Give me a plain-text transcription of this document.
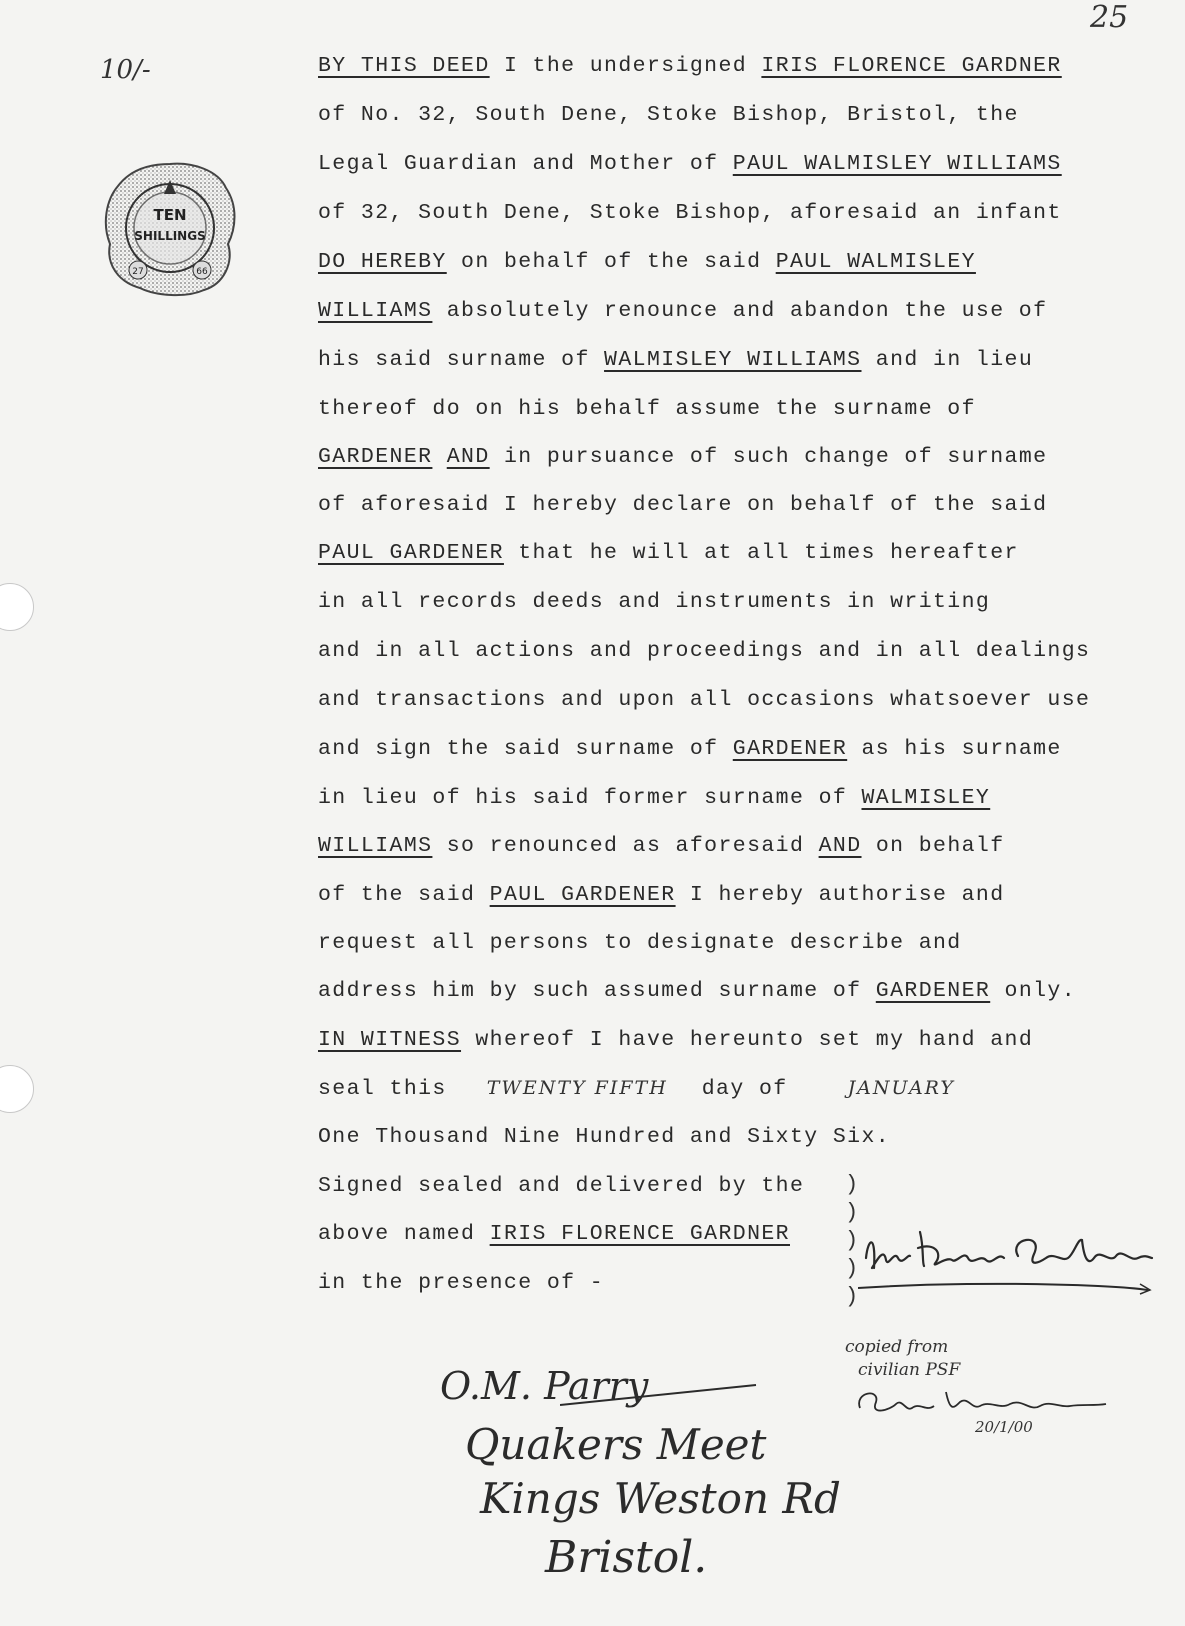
25
10/-
TEN
SHILLINGS
27	66
BY THIS DEED I the undersigned IRIS FLORENCE GARDNER
of No. 32, South Dene, Stoke Bishop, Bristol, the
Legal Guardian and Mother of PAUL WALMISLEY WILLIAMS
of 32, South Dene, Stoke Bishop, aforesaid an infant
DO HEREBY on behalf of the said PAUL WALMISLEY
WILLIAMS absolutely renounce and abandon the use of
his said surname of WALMISLEY WILLIAMS and in lieu
thereof do on his behalf assume the surname of
GARDENER AND in pursuance of such change of surname
of aforesaid I hereby declare on behalf of the said
PAUL GARDENER that he will at all times hereafter
in all records deeds and instruments in writing
and in all actions and proceedings and in all dealings
and transactions and upon all occasions whatsoever use
and sign the said surname of GARDENER as his surname
in lieu of his said former surname of WALMISLEY
WILLIAMS so renounced as aforesaid AND on behalf
of the said PAUL GARDENER I hereby authorise and
request all persons to designate describe and
address him by such assumed surname of GARDENER only.
IN WITNESS whereof I have hereunto set my hand and
seal this TWENTY FIFTH day of	JANUARY
One Thousand Nine Hundred and Sixty Six.
Signed sealed and delivered by the
above named IRIS FLORENCE GARDNER
in the presence of -
)
)
)
)
)
O.M. Parry
Quakers Meet
Kings Weston Rd
Bristol.
copied from
civilian PSF
20/1/00
